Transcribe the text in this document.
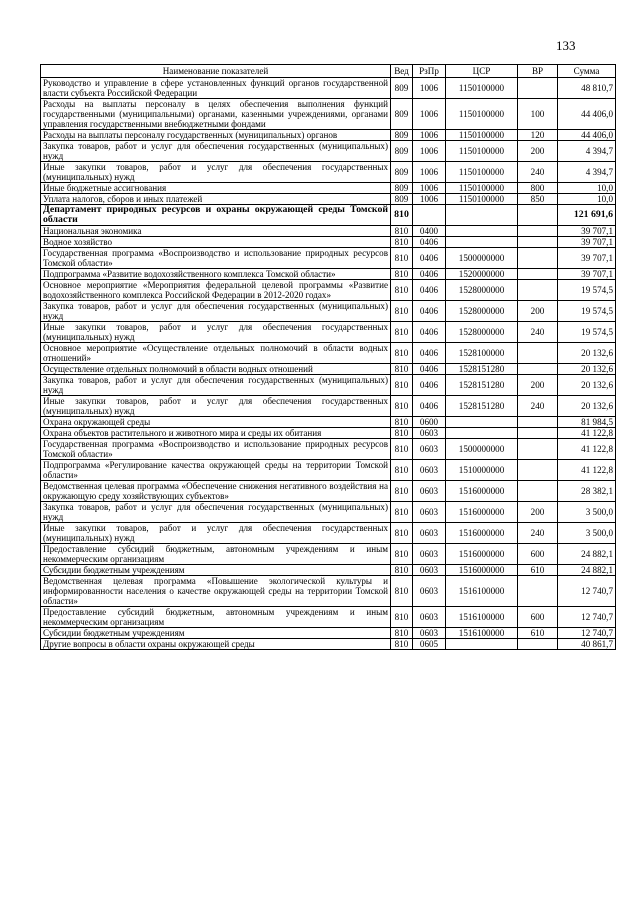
133
Наименование показателей	Вед	РзПр	ЦСР	ВР	Сумма
Руководство и управление в сфере установленных функций органов государственной власти субъекта Российской Федерации	809	1006	1150100000		48 810,7
Расходы на выплаты персоналу в целях обеспечения выполнения функций государственными (муниципальными) органами, казенными учреждениями, органами управления государственными внебюджетными фондами	809	1006	1150100000	100	44 406,0
Расходы на выплаты персоналу государственных (муниципальных) органов	809	1006	1150100000	120	44 406,0
Закупка товаров, работ и услуг для обеспечения государственных (муниципальных) нужд	809	1006	1150100000	200	4 394,7
Иные закупки товаров, работ и услуг для обеспечения государственных (муниципальных) нужд	809	1006	1150100000	240	4 394,7
Иные бюджетные ассигнования	809	1006	1150100000	800	10,0
Уплата налогов, сборов и иных платежей	809	1006	1150100000	850	10,0
Департамент природных ресурсов и охраны окружающей среды Томской области	810				121 691,6
Национальная экономика	810	0400			39 707,1
Водное хозяйство	810	0406			39 707,1
Государственная программа «Воспроизводство и использование природных ресурсов Томской области»	810	0406	1500000000		39 707,1
Подпрограмма «Развитие водохозяйственного комплекса Томской области»	810	0406	1520000000		39 707,1
Основное мероприятие «Мероприятия федеральной целевой программы «Развитие водохозяйственного комплекса Российской Федерации в 2012-2020 годах»	810	0406	1528000000		19 574,5
Закупка товаров, работ и услуг для обеспечения государственных (муниципальных) нужд	810	0406	1528000000	200	19 574,5
Иные закупки товаров, работ и услуг для обеспечения государственных (муниципальных) нужд	810	0406	1528000000	240	19 574,5
Основное мероприятие «Осуществление отдельных полномочий в области водных отношений»	810	0406	1528100000		20 132,6
Осуществление отдельных полномочий в области водных отношений	810	0406	1528151280		20 132,6
Закупка товаров, работ и услуг для обеспечения государственных (муниципальных) нужд	810	0406	1528151280	200	20 132,6
Иные закупки товаров, работ и услуг для обеспечения государственных (муниципальных) нужд	810	0406	1528151280	240	20 132,6
Охрана окружающей среды	810	0600			81 984,5
Охрана объектов растительного и животного мира и среды их обитания	810	0603			41 122,8
Государственная программа «Воспроизводство и использование природных ресурсов Томской области»	810	0603	1500000000		41 122,8
Подпрограмма «Регулирование качества окружающей среды на территории Томской области»	810	0603	1510000000		41 122,8
Ведомственная целевая программа «Обеспечение снижения негативного воздействия на окружающую среду хозяйствующих субъектов»	810	0603	1516000000		28 382,1
Закупка товаров, работ и услуг для обеспечения государственных (муниципальных) нужд	810	0603	1516000000	200	3 500,0
Иные закупки товаров, работ и услуг для обеспечения государственных (муниципальных) нужд	810	0603	1516000000	240	3 500,0
Предоставление субсидий бюджетным, автономным учреждениям и иным некоммерческим организациям	810	0603	1516000000	600	24 882,1
Субсидии бюджетным учреждениям	810	0603	1516000000	610	24 882,1
Ведомственная целевая программа «Повышение экологической культуры и информированности населения о качестве окружающей среды на территории Томской области»	810	0603	1516100000		12 740,7
Предоставление субсидий бюджетным, автономным учреждениям и иным некоммерческим организациям	810	0603	1516100000	600	12 740,7
Субсидии бюджетным учреждениям	810	0603	1516100000	610	12 740,7
Другие вопросы в области охраны окружающей среды	810	0605			40 861,7
